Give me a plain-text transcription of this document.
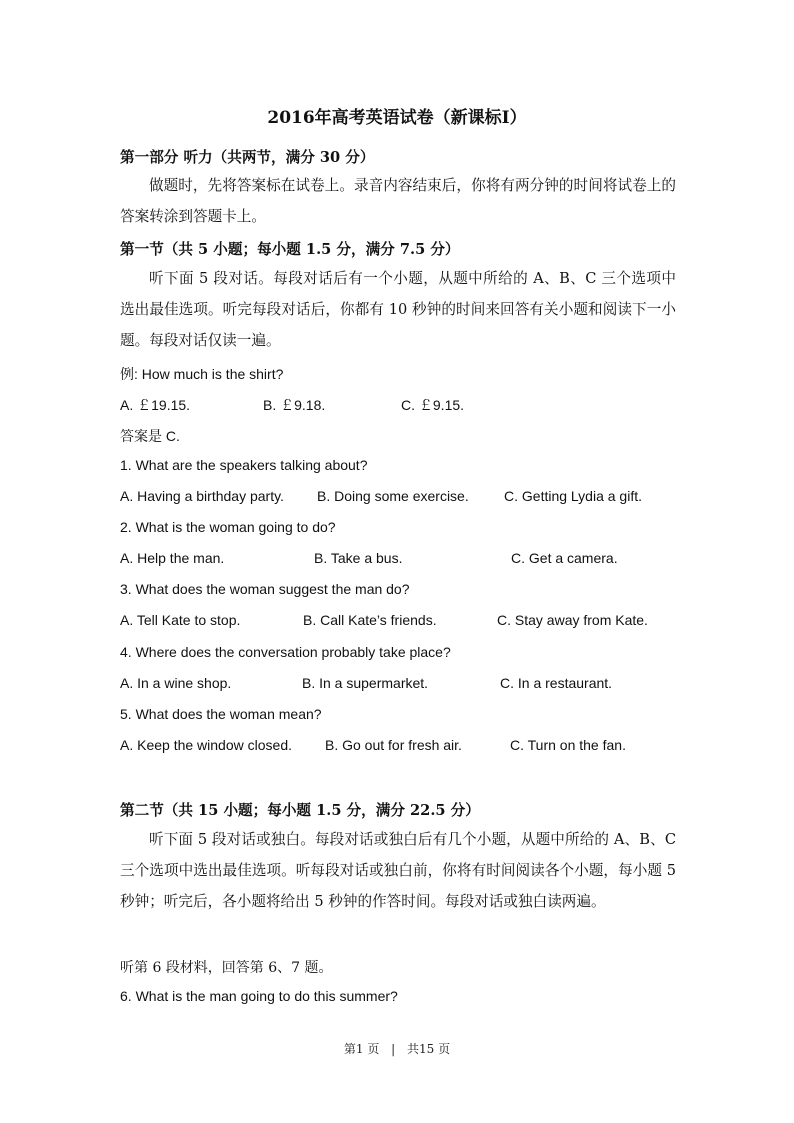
2016年高考英语试卷（新课标Ⅰ）
第一部分 听力（共两节，满分 30 分）
做题时，先将答案标在试卷上。录音内容结束后，你将有两分钟的时间将试卷上的答案转涂到答题卡上。
第一节（共 5 小题；每小题 1.5 分，满分 7.5 分）
听下面 5 段对话。每段对话后有一个小题，从题中所给的 A、B、C 三个选项中选出最佳选项。听完每段对话后，你都有 10 秒钟的时间来回答有关小题和阅读下一小题。每段对话仅读一遍。
例: How much is the shirt?
A. ￡19.15.	B. ￡9.18.	C. ￡9.15.
答案是 C.
1. What are the speakers talking about?
A. Having a birthday party. B. Doing some exercise.	C. Getting Lydia a gift.
2. What is the woman going to do?
A. Help the man.	B. Take a bus.	C. Get a camera.
3. What does the woman suggest the man do?
A. Tell Kate to stop.	B. Call Kate’s friends.	C. Stay away from Kate.
4. Where does the conversation probably take place?
A. In a wine shop.	B. In a supermarket.	C. In a restaurant.
5. What does the woman mean?
A. Keep the window closed. B. Go out for fresh air.	C. Turn on the fan.
第二节（共 15 小题；每小题 1.5 分，满分 22.5 分）
听下面 5 段对话或独白。每段对话或独白后有几个小题，从题中所给的 A、B、C 三个选项中选出最佳选项。听每段对话或独白前，你将有时间阅读各个小题，每小题 5 秒钟；听完后，各小题将给出 5 秒钟的作答时间。每段对话或独白读两遍。
听第 6 段材料，回答第 6、7 题。
6. What is the man going to do this summer?
第1 页 | 共15 页
